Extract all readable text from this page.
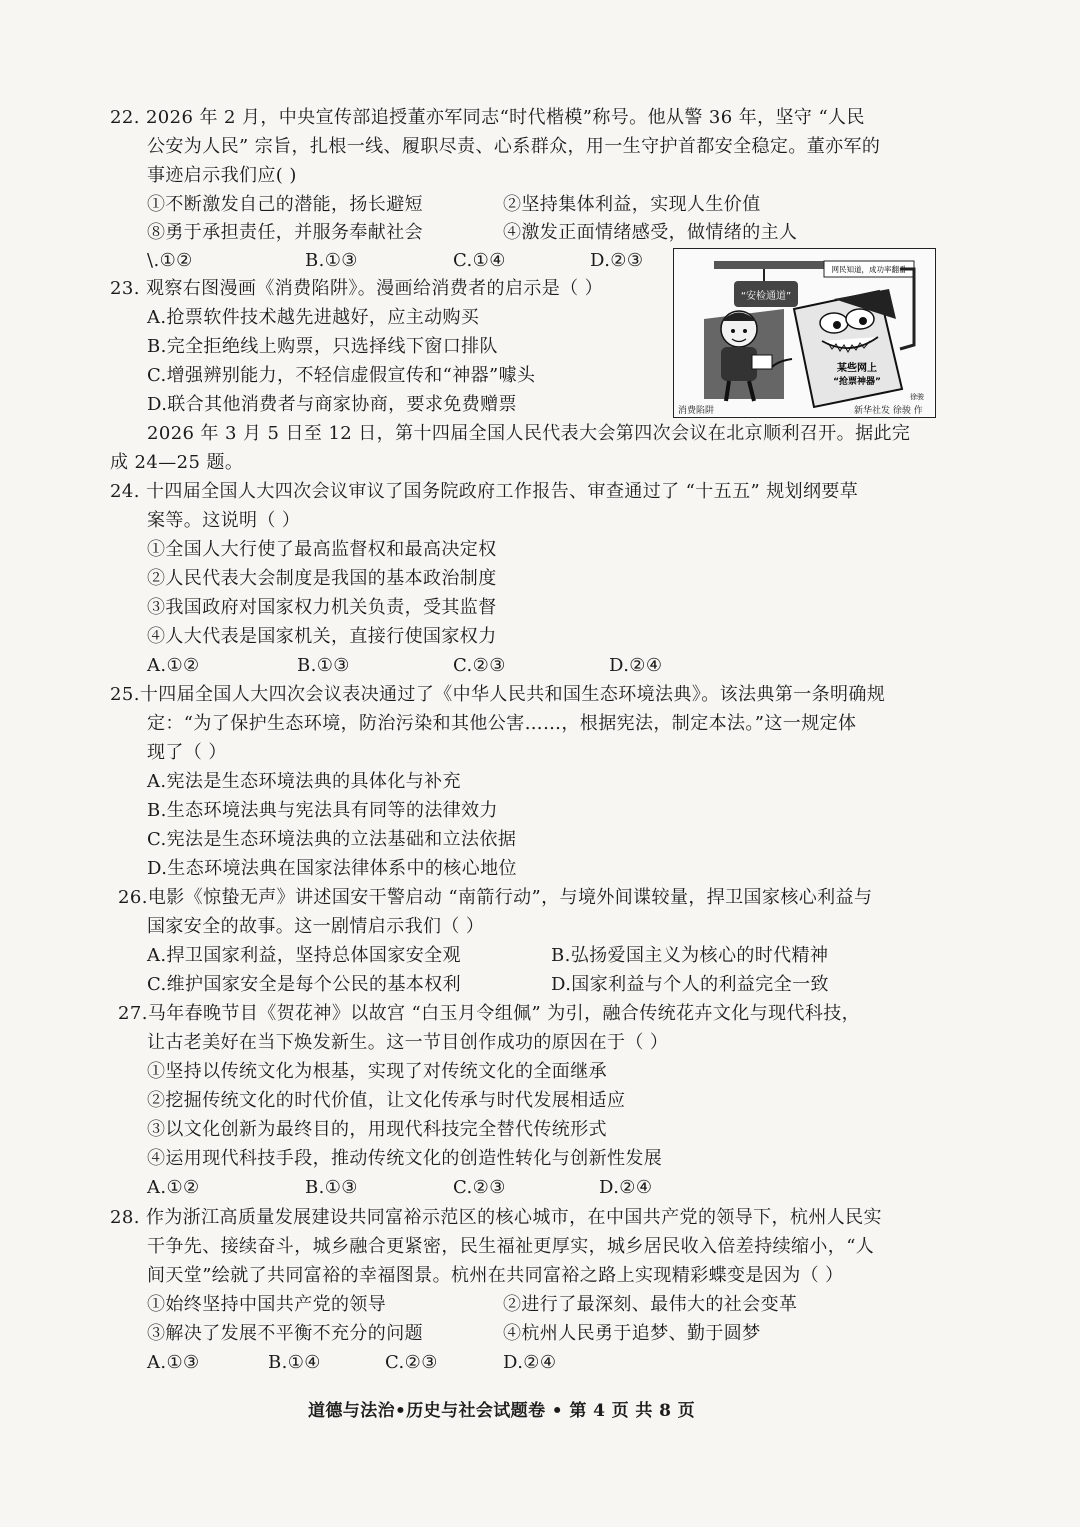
22. 2026 年 2 月，中央宣传部追授董亦军同志“时代楷模”称号。他从警 36 年，坚守 “人民
公安为人民” 宗旨，扎根一线、履职尽责、心系群众，用一生守护首都安全稳定。董亦军的
事迹启示我们应( )
①不断激发自己的潜能，扬长避短	②坚持集体利益，实现人生价值
⑧勇于承担责任，并服务奉献社会	④激发正面情绪感受，做情绪的主人
\.①②	B.①③	C.①④	D.②③
23. 观察右图漫画《消费陷阱》。漫画给消费者的启示是（ ）
A.抢票软件技术越先进越好，应主动购买
B.完全拒绝线上购票，只选择线下窗口排队
C.增强辨别能力，不轻信虚假宣传和“神器”噱头
D.联合其他消费者与商家协商，要求免费赠票
“安检通道”
网民知道，成功率翻番
某些网上
“抢票神器”
徐骏
消费陷阱	新华社发 徐骏 作
2026 年 3 月 5 日至 12 日，第十四届全国人民代表大会第四次会议在北京顺利召开。据此完
成 24—25 题。
24. 十四届全国人大四次会议审议了国务院政府工作报告、审查通过了 “十五五” 规划纲要草
案等。这说明（ ）
①全国人大行使了最高监督权和最高决定权
②人民代表大会制度是我国的基本政治制度
③我国政府对国家权力机关负责，受其监督
④人大代表是国家机关，直接行使国家权力
A.①②	B.①③	C.②③	D.②④
25.十四届全国人大四次会议表决通过了《中华人民共和国生态环境法典》。该法典第一条明确规
定：“为了保护生态环境，防治污染和其他公害……，根据宪法，制定本法。”这一规定体
现了（ ）
A.宪法是生态环境法典的具体化与补充
B.生态环境法典与宪法具有同等的法律效力
C.宪法是生态环境法典的立法基础和立法依据
D.生态环境法典在国家法律体系中的核心地位
26.电影《惊蛰无声》讲述国安干警启动 “南箭行动”，与境外间谍较量，捍卫国家核心利益与
国家安全的故事。这一剧情启示我们（ ）
A.捍卫国家利益，坚持总体国家安全观	B.弘扬爱国主义为核心的时代精神
C.维护国家安全是每个公民的基本权利	D.国家利益与个人的利益完全一致
27.马年春晚节目《贺花神》以故宫 “白玉月令组佩” 为引，融合传统花卉文化与现代科技，
让古老美好在当下焕发新生。这一节目创作成功的原因在于（ ）
①坚持以传统文化为根基，实现了对传统文化的全面继承
②挖掘传统文化的时代价值，让文化传承与时代发展相适应
③以文化创新为最终目的，用现代科技完全替代传统形式
④运用现代科技手段，推动传统文化的创造性转化与创新性发展
A.①②	B.①③	C.②③	D.②④
28. 作为浙江高质量发展建设共同富裕示范区的核心城市，在中国共产党的领导下，杭州人民实
干争先、接续奋斗，城乡融合更紧密，民生福祉更厚实，城乡居民收入倍差持续缩小，“人
间天堂”绘就了共同富裕的幸福图景。杭州在共同富裕之路上实现精彩蝶变是因为（ ）
①始终坚持中国共产党的领导	②进行了最深刻、最伟大的社会变革
③解决了发展不平衡不充分的问题	④杭州人民勇于追梦、勤于圆梦
A.①③	B.①④	C.②③	D.②④
道德与法治•历史与社会试题卷 • 第 4 页 共 8 页
